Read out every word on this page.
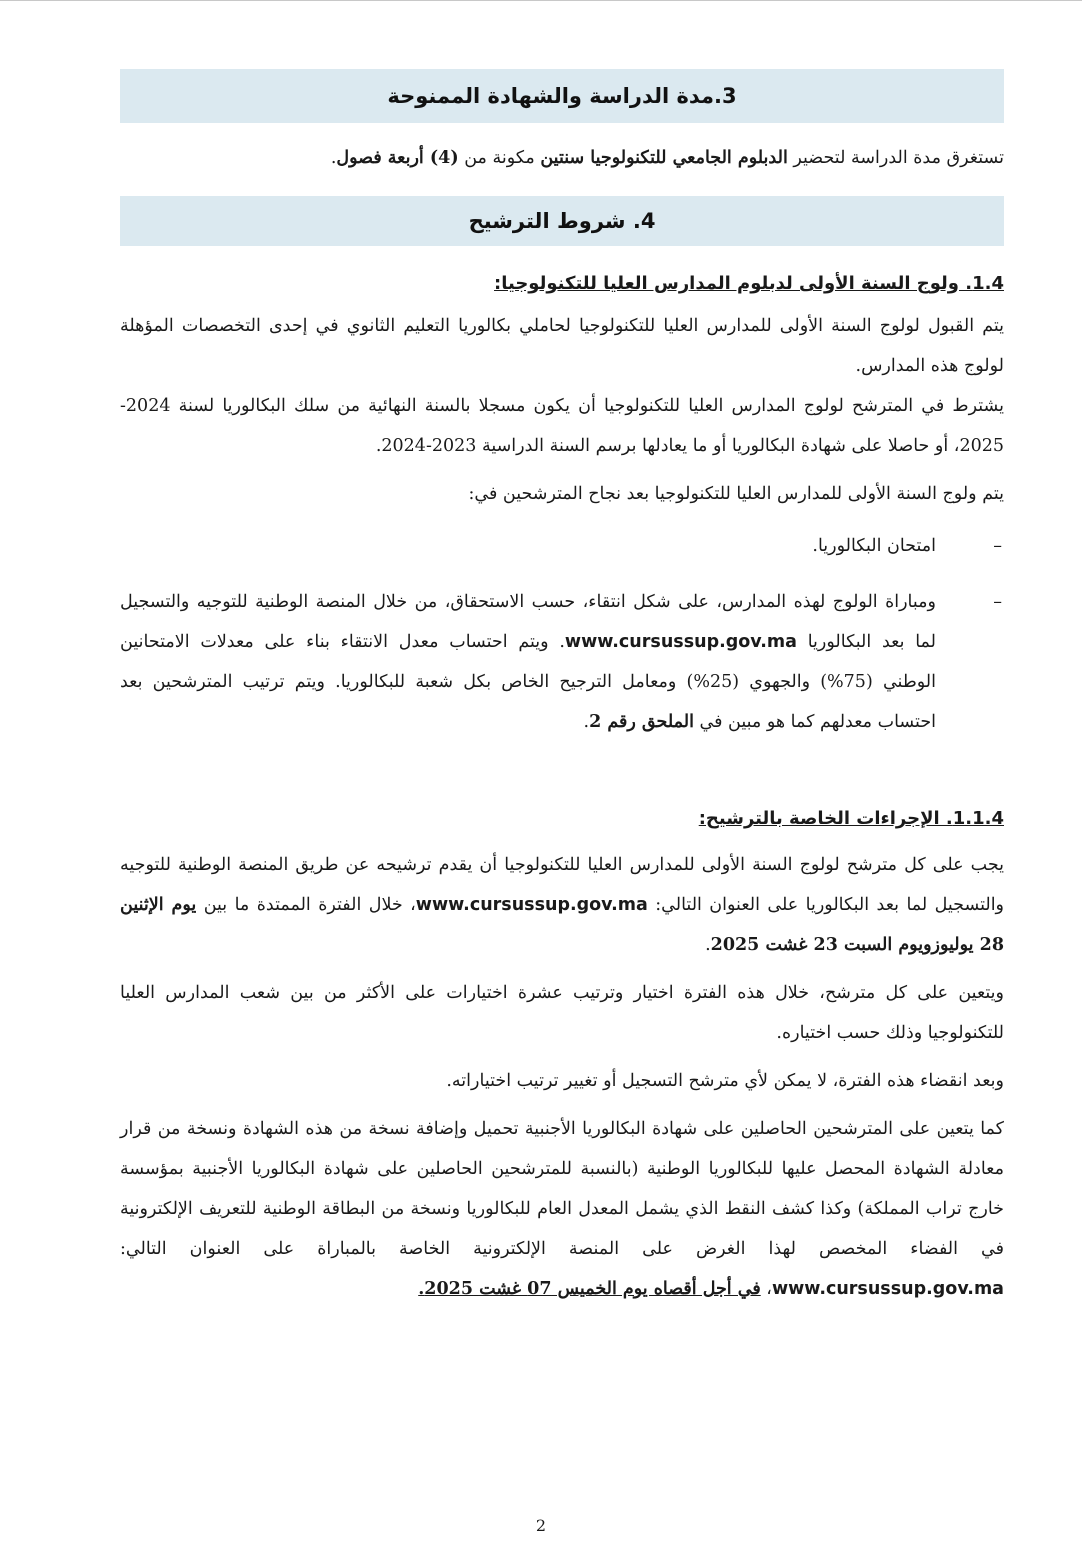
3.مدة الدراسة والشهادة الممنوحة

تستغرق مدة الدراسة لتحضير الدبلوم الجامعي للتكنولوجيا سنتين مكونة من (4) أربعة فصول.

4. شروط الترشيح

1.4. ولوج السنة الأولى لدبلوم المدارس العليا للتكنولوجيا:

يتم القبول لولوج السنة الأولى للمدارس العليا للتكنولوجيا لحاملي بكالوريا التعليم الثانوي في إحدى التخصصات المؤهلة لولوج هذه المدارس.

يشترط في المترشح لولوج المدارس العليا للتكنولوجيا أن يكون مسجلا بالسنة النهائية من سلك البكالوريا لسنة 2024-2025، أو حاصلا على شهادة البكالوريا أو ما يعادلها برسم السنة الدراسية 2023-2024.

يتم ولوج السنة الأولى للمدارس العليا للتكنولوجيا بعد نجاح المترشحين في:

–
امتحان البكالوريا.
–
ومباراة الولوج لهذه المدارس، على شكل انتقاء، حسب الاستحقاق، من خلال المنصة الوطنية للتوجيه والتسجيل لما بعد البكالوريا www.cursussup.gov.ma. ويتم احتساب معدل الانتقاء بناء على معدلات الامتحانين الوطني (75%) والجهوي (25%) ومعامل الترجيح الخاص بكل شعبة للبكالوريا. ويتم ترتيب المترشحين بعد احتساب معدلهم كما هو مبين في الملحق رقم 2.

1.1.4. الإجراءات الخاصة بالترشيح:

يجب على كل مترشح لولوج السنة الأولى للمدارس العليا للتكنولوجيا أن يقدم ترشيحه عن طريق المنصة الوطنية للتوجيه والتسجيل لما بعد البكالوريا على العنوان التالي: www.cursussup.gov.ma، خلال الفترة الممتدة ما بين يوم الإثنين 28 يوليوزويوم السبت 23 غشت 2025.

ويتعين على كل مترشح، خلال هذه الفترة اختيار وترتيب عشرة اختيارات على الأكثر من بين شعب المدارس العليا للتكنولوجيا وذلك حسب اختياره.

وبعد انقضاء هذه الفترة، لا يمكن لأي مترشح التسجيل أو تغيير ترتيب اختياراته.

كما يتعين على المترشحين الحاصلين على شهادة البكالوريا الأجنبية تحميل وإضافة نسخة من هذه الشهادة ونسخة من قرار معادلة الشهادة المحصل عليها للبكالوريا الوطنية (بالنسبة للمترشحين الحاصلين على شهادة البكالوريا الأجنبية بمؤسسة خارج تراب المملكة) وكذا كشف النقط الذي يشمل المعدل العام للبكالوريا ونسخة من البطاقة الوطنية للتعريف الإلكترونية في الفضاء المخصص لهذا الغرض على المنصة الإلكترونية الخاصة بالمباراة على العنوان التالي: www.cursussup.gov.ma، في أجل أقصاه يوم الخميس 07 غشت 2025.

2
